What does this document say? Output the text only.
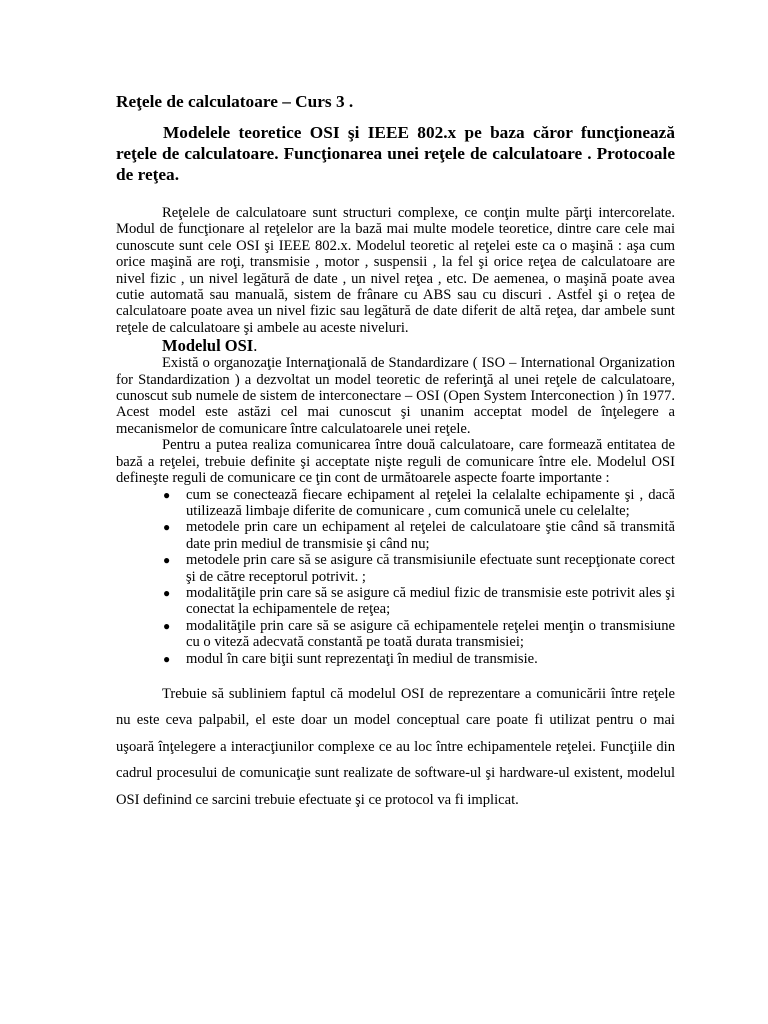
Reţele de calculatoare – Curs 3 .
Modelele teoretice OSI şi IEEE 802.x pe baza căror funcţionează reţele de calculatoare. Funcţionarea unei reţele de calculatoare . Protocoale de reţea.

Reţelele de calculatoare sunt structuri complexe, ce conţin multe părţi intercorelate. Modul de funcţionare al reţelelor are la bază mai multe modele teoretice, dintre care cele mai cunoscute sunt cele OSI şi IEEE 802.x. Modelul teoretic al reţelei este ca o maşină : aşa cum orice maşină are roţi, transmisie , motor , suspensii , la fel şi orice reţea de calculatoare are nivel fizic , un nivel legătură de date , un nivel reţea , etc. De aemenea, o maşină poate avea cutie automată sau manuală, sistem de frânare cu ABS sau cu discuri . Astfel şi o reţea de calculatoare poate avea un nivel fizic sau legătură de date diferit de altă reţea, dar ambele sunt reţele de calculatoare şi ambele au aceste niveluri.

Modelul OSI.

Există o organozaţie Internaţională de Standardizare ( ISO – International Organization for Standardization ) a dezvoltat un model teoretic de referinţă al unei reţele de calculatoare, cunoscut sub numele de sistem de interconectare – OSI (Open System Interconection ) în 1977. Acest model este astăzi cel mai cunoscut şi unanim acceptat model de înţelegere a mecanismelor de comunicare între calculatoarele unei reţele.

Pentru a putea realiza comunicarea între două calculatoare, care formează entitatea de bază a reţelei, trebuie definite şi acceptate nişte reguli de comunicare între ele. Modelul OSI defineşte reguli de comunicare ce ţin cont de următoarele aspecte foarte importante :

● cum se conectează fiecare echipament al reţelei la celalalte echipamente şi , dacă utilizează limbaje diferite de comunicare , cum comunică unele cu celelalte;
● metodele prin care un echipament al reţelei de calculatoare ştie când să transmită date prin mediul de transmisie şi când nu;
● metodele prin care să se asigure că transmisiunile efectuate sunt recepţionate corect şi de către receptorul potrivit. ;
● modalităţile prin care să se asigure că mediul fizic de transmisie este potrivit ales şi conectat la echipamentele de reţea;
● modalităţile prin care să se asigure că echipamentele reţelei menţin o transmisiune cu o viteză adecvată constantă pe toată durata transmisiei;
● modul în care biţii sunt reprezentaţi în mediul de transmisie.

Trebuie să subliniem faptul că modelul OSI de reprezentare a comunicării între reţele nu este ceva palpabil, el este doar un model conceptual care poate fi utilizat pentru o mai uşoară înţelegere a interacţiunilor complexe ce au loc între echipamentele reţelei. Funcţiile din cadrul procesului de comunicaţie sunt realizate de software-ul şi hardware-ul existent, modelul OSI definind ce sarcini trebuie efectuate şi ce protocol va fi implicat.
